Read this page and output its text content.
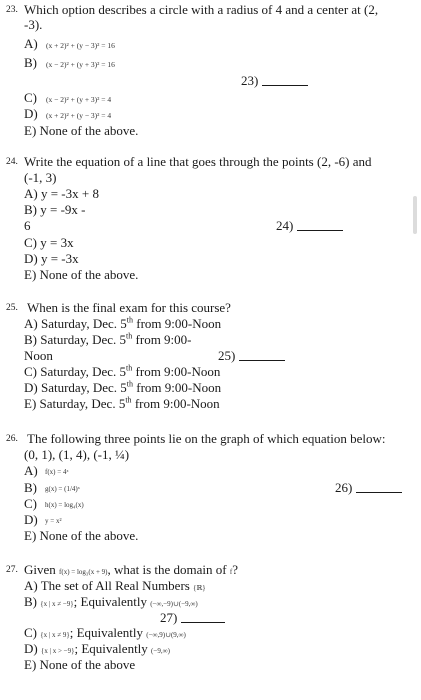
23. Which option describes a circle with a radius of 4 and a center at (2,
-3).
A) (x + 2)² + (y − 3)² = 16
B) (x − 2)² + (y + 3)² = 16
23)
C) (x − 2)² + (y + 3)² = 4
D) (x + 2)² + (y − 3)² = 4
E) None of the above.
24. Write the equation of a line that goes through the points (2, -6) and
(-1, 3)
A) y = -3x + 8
B) y = -9x -
6	24)
C) y = 3x
D) y = -3x
E) None of the above.
25. When is the final exam for this course?
A) Saturday, Dec. 5th from 9:00-Noon
B) Saturday, Dec. 5th from 9:00-
Noon	25)
C) Saturday, Dec. 5th from 9:00-Noon
D) Saturday, Dec. 5th from 9:00-Noon
E) Saturday, Dec. 5th from 9:00-Noon
26. The following three points lie on the graph of which equation below:
(0, 1), (1, 4), (-1, ¼)
A) f(x) = 4ˣ
B) g(x) = (1/4)ˣ	26)
C) h(x) = log₄(x)
D) y = x²
E) None of the above.
27. Given f(x) = log₃(x + 9), what is the domain of f?
A) The set of All Real Numbers {ℝ}
B) {x | x ≠ −9}; Equivalently (−∞,−9)∪(−9,∞)
27)
C) {x | x ≠ 9}; Equivalently (−∞,9)∪(9,∞)
D) {x | x > −9}; Equivalently (−9,∞)
E) None of the above
